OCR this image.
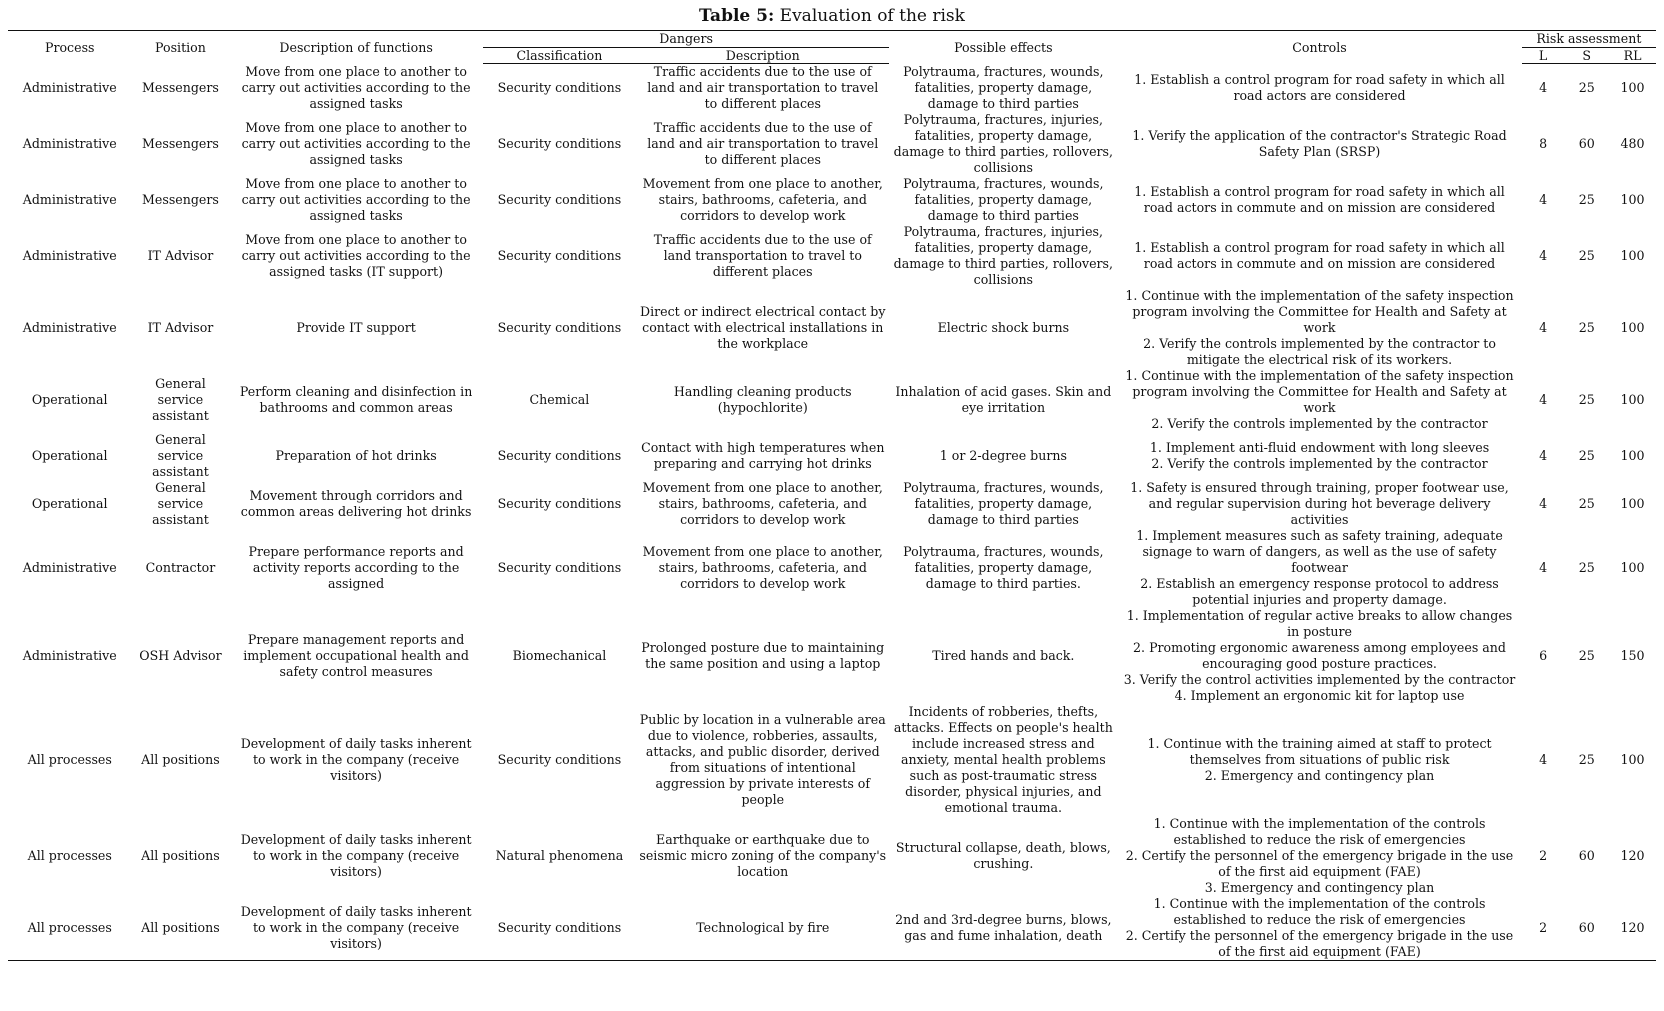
Table 5: Evaluation of the risk
Process	Position	Description of functions	Dangers		Possible effects	Controls	Risk assessment		
			Classification	Description			L	S	RL
Administrative	Messengers	Move from one place to another to carry out activities according to the assigned tasks	Security conditions	Traffic accidents due to the use of land and air transportation to travel to different places	Polytrauma, fractures, wounds, fatalities, property damage, damage to third parties	1. Establish a control program for road safety in which all road actors are considered	4	25	100
Administrative	Messengers	Move from one place to another to carry out activities according to the assigned tasks	Security conditions	Traffic accidents due to the use of land and air transportation to travel to different places	Polytrauma, fractures, injuries, fatalities, property damage, damage to third parties, rollovers, collisions	1. Verify the application of the contractor's Strategic Road Safety Plan (SRSP)	8	60	480
Administrative	Messengers	Move from one place to another to carry out activities according to the assigned tasks	Security conditions	Movement from one place to another, stairs, bathrooms, cafeteria, and corridors to develop work	Polytrauma, fractures, wounds, fatalities, property damage, damage to third parties	1. Establish a control program for road safety in which all road actors in commute and on mission are considered	4	25	100
Administrative	IT Advisor	Move from one place to another to carry out activities according to the assigned tasks (IT support)	Security conditions	Traffic accidents due to the use of land transportation to travel to different places	Polytrauma, fractures, injuries, fatalities, property damage, damage to third parties, rollovers, collisions	1. Establish a control program for road safety in which all road actors in commute and on mission are considered	4	25	100
Administrative	IT Advisor	Provide IT support	Security conditions	Direct or indirect electrical contact by contact with electrical installations in the workplace	Electric shock burns	1. Continue with the implementation of the safety inspection program involving the Committee for Health and Safety at work
2. Verify the controls implemented by the contractor to mitigate the electrical risk of its workers.	4	25	100
Operational	General service assistant	Perform cleaning and disinfection in bathrooms and common areas	Chemical	Handling cleaning products (hypochlorite)	Inhalation of acid gases. Skin and eye irritation	1. Continue with the implementation of the safety inspection program involving the Committee for Health and Safety at work
2. Verify the controls implemented by the contractor	4	25	100
Operational	General service assistant	Preparation of hot drinks	Security conditions	Contact with high temperatures when preparing and carrying hot drinks	1 or 2-degree burns	1. Implement anti-fluid endowment with long sleeves
2. Verify the controls implemented by the contractor	4	25	100
Operational	General service assistant	Movement through corridors and common areas delivering hot drinks	Security conditions	Movement from one place to another, stairs, bathrooms, cafeteria, and corridors to develop work	Polytrauma, fractures, wounds, fatalities, property damage, damage to third parties	1. Safety is ensured through training, proper footwear use, and regular supervision during hot beverage delivery activities	4	25	100
Administrative	Contractor	Prepare performance reports and activity reports according to the assigned	Security conditions	Movement from one place to another, stairs, bathrooms, cafeteria, and corridors to develop work	Polytrauma, fractures, wounds, fatalities, property damage, damage to third parties.	1. Implement measures such as safety training, adequate signage to warn of dangers, as well as the use of safety footwear
2. Establish an emergency response protocol to address potential injuries and property damage.	4	25	100
Administrative	OSH Advisor	Prepare management reports and implement occupational health and safety control measures	Biomechanical	Prolonged posture due to maintaining the same position and using a laptop	Tired hands and back.	1. Implementation of regular active breaks to allow changes in posture
2. Promoting ergonomic awareness among employees and encouraging good posture practices.
3. Verify the control activities implemented by the contractor
4. Implement an ergonomic kit for laptop use	6	25	150
All processes	All positions	Development of daily tasks inherent to work in the company (receive visitors)	Security conditions	Public by location in a vulnerable area due to violence, robberies, assaults, attacks, and public disorder, derived from situations of intentional aggression by private interests of people	Incidents of robberies, thefts, attacks. Effects on people's health include increased stress and anxiety, mental health problems such as post-traumatic stress disorder, physical injuries, and emotional trauma.	1. Continue with the training aimed at staff to protect themselves from situations of public risk
2. Emergency and contingency plan	4	25	100
All processes	All positions	Development of daily tasks inherent to work in the company (receive visitors)	Natural phenomena	Earthquake or earthquake due to seismic micro zoning of the company's location	Structural collapse, death, blows, crushing.	1. Continue with the implementation of the controls established to reduce the risk of emergencies
2. Certify the personnel of the emergency brigade in the use of the first aid equipment (FAE)
3. Emergency and contingency plan	2	60	120
All processes	All positions	Development of daily tasks inherent to work in the company (receive visitors)	Security conditions	Technological by fire	2nd and 3rd-degree burns, blows, gas and fume inhalation, death	1. Continue with the implementation of the controls established to reduce the risk of emergencies
2. Certify the personnel of the emergency brigade in the use of the first aid equipment (FAE)	2	60	120
